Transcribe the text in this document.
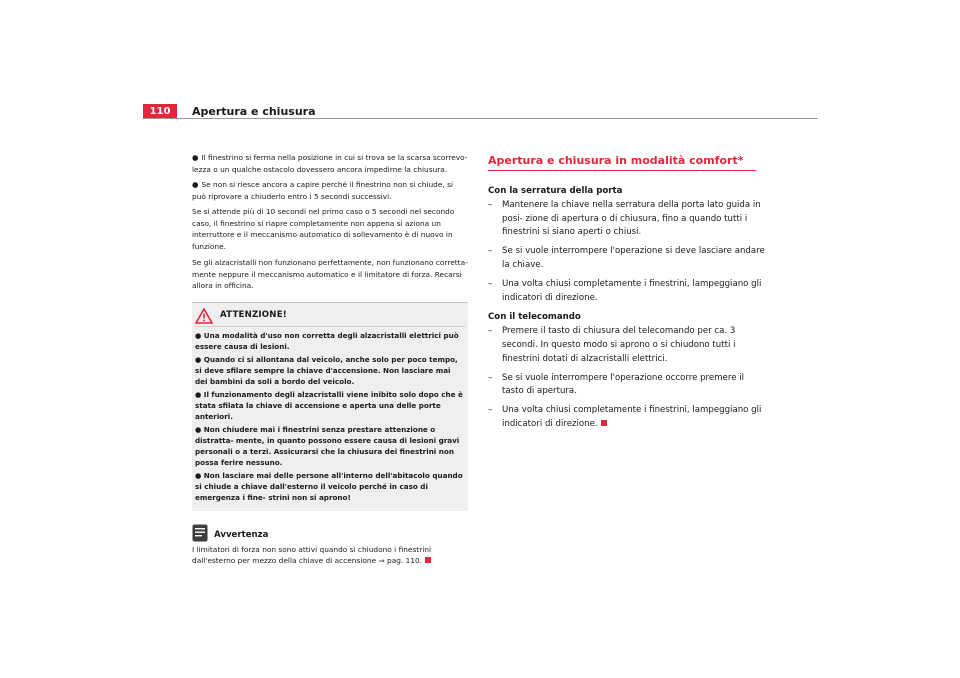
110	Apertura e chiusura
● Il finestrino si ferma nella posizione in cui si trova se la scarsa scorrevo- lezza o un qualche ostacolo dovessero ancora impedirne la chiusura.
● Se non si riesce ancora a capire perché il finestrino non si chiude, si può riprovare a chiuderlo entro i 5 secondi successivi.
Se si attende più di 10 secondi nel primo caso o 5 secondi nel secondo caso, il finestrino si riapre completamente non appena si aziona un interruttore e il meccanismo automatico di sollevamento è di nuovo in funzione.
Se gli alzacristalli non funzionano perfettamente, non funzionano corretta- mente neppure il meccanismo automatico e il limitatore di forza. Recarsi allora in officina.
ATTENZIONE!
● Una modalità d'uso non corretta degli alzacristalli elettrici può essere causa di lesioni.
● Quando ci si allontana dal veicolo, anche solo per poco tempo, si deve sfilare sempre la chiave d'accensione. Non lasciare mai dei bambini da soli a bordo del veicolo.
● Il funzionamento degli alzacristalli viene inibito solo dopo che è stata sfilata la chiave di accensione e aperta una delle porte anteriori.
● Non chiudere mai i finestrini senza prestare attenzione o distratta- mente, in quanto possono essere causa di lesioni gravi personali o a terzi. Assicurarsi che la chiusura dei finestrini non possa ferire nessuno.
● Non lasciare mai delle persone all'interno dell'abitacolo quando si chiude a chiave dall'esterno il veicolo perché in caso di emergenza i fine- strini non si aprono!
Avvertenza
I limitatori di forza non sono attivi quando si chiudono i finestrini dall'esterno per mezzo della chiave di accensione ⇒ pag. 110.
Apertura e chiusura in modalità comfort*
Con la serratura della porta
–	Mantenere la chiave nella serratura della porta lato guida in posi- zione di apertura o di chiusura, fino a quando tutti i finestrini si siano aperti o chiusi.
–	Se si vuole interrompere l'operazione si deve lasciare andare la chiave.
–	Una volta chiusi completamente i finestrini, lampeggiano gli indicatori di direzione.
Con il telecomando
–	Premere il tasto di chiusura del telecomando per ca. 3 secondi. In questo modo si aprono o si chiudono tutti i finestrini dotati di alzacristalli elettrici.
–	Se si vuole interrompere l'operazione occorre premere il tasto di apertura.
–	Una volta chiusi completamente i finestrini, lampeggiano gli indicatori di direzione.
